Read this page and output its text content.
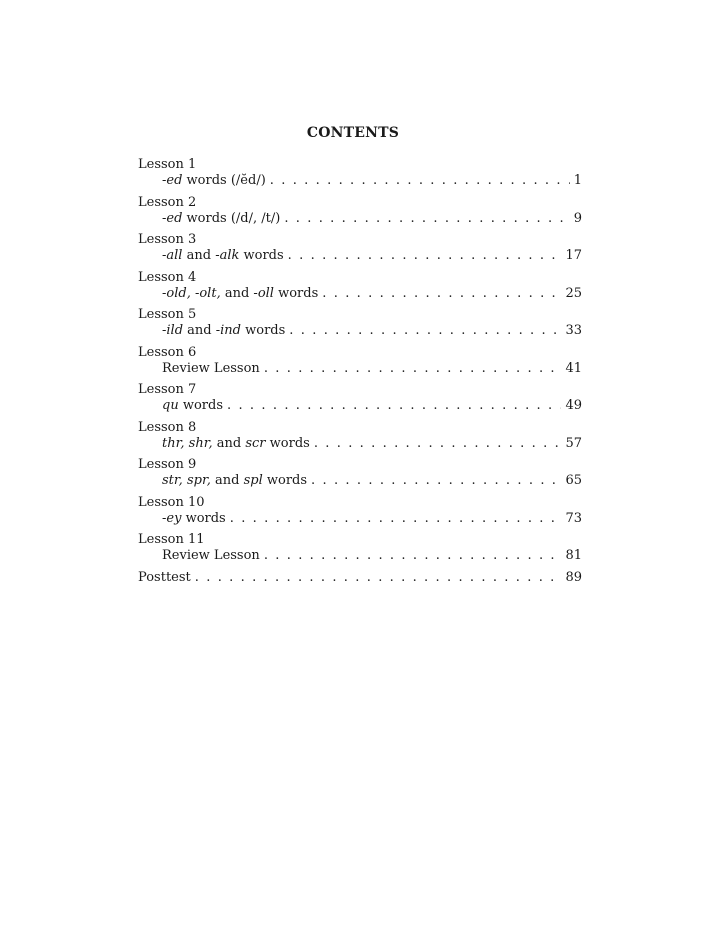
CONTENTS
Lesson 1
-ed words (/ĕd/) . . .	1
Lesson 2
-ed words (/d/, /t/) . . .	9
Lesson 3
-all and -alk words . . .	17
Lesson 4
-old, -olt, and -oll words . . .	25
Lesson 5
-ild and -ind words . . .	33
Lesson 6
Review Lesson . . .	41
Lesson 7
qu words . . .	49
Lesson 8
thr, shr, and scr words . . .	57
Lesson 9
str, spr, and spl words . . .	65
Lesson 10
-ey words . . .	73
Lesson 11
Review Lesson . . .	81
Posttest . . .	89
